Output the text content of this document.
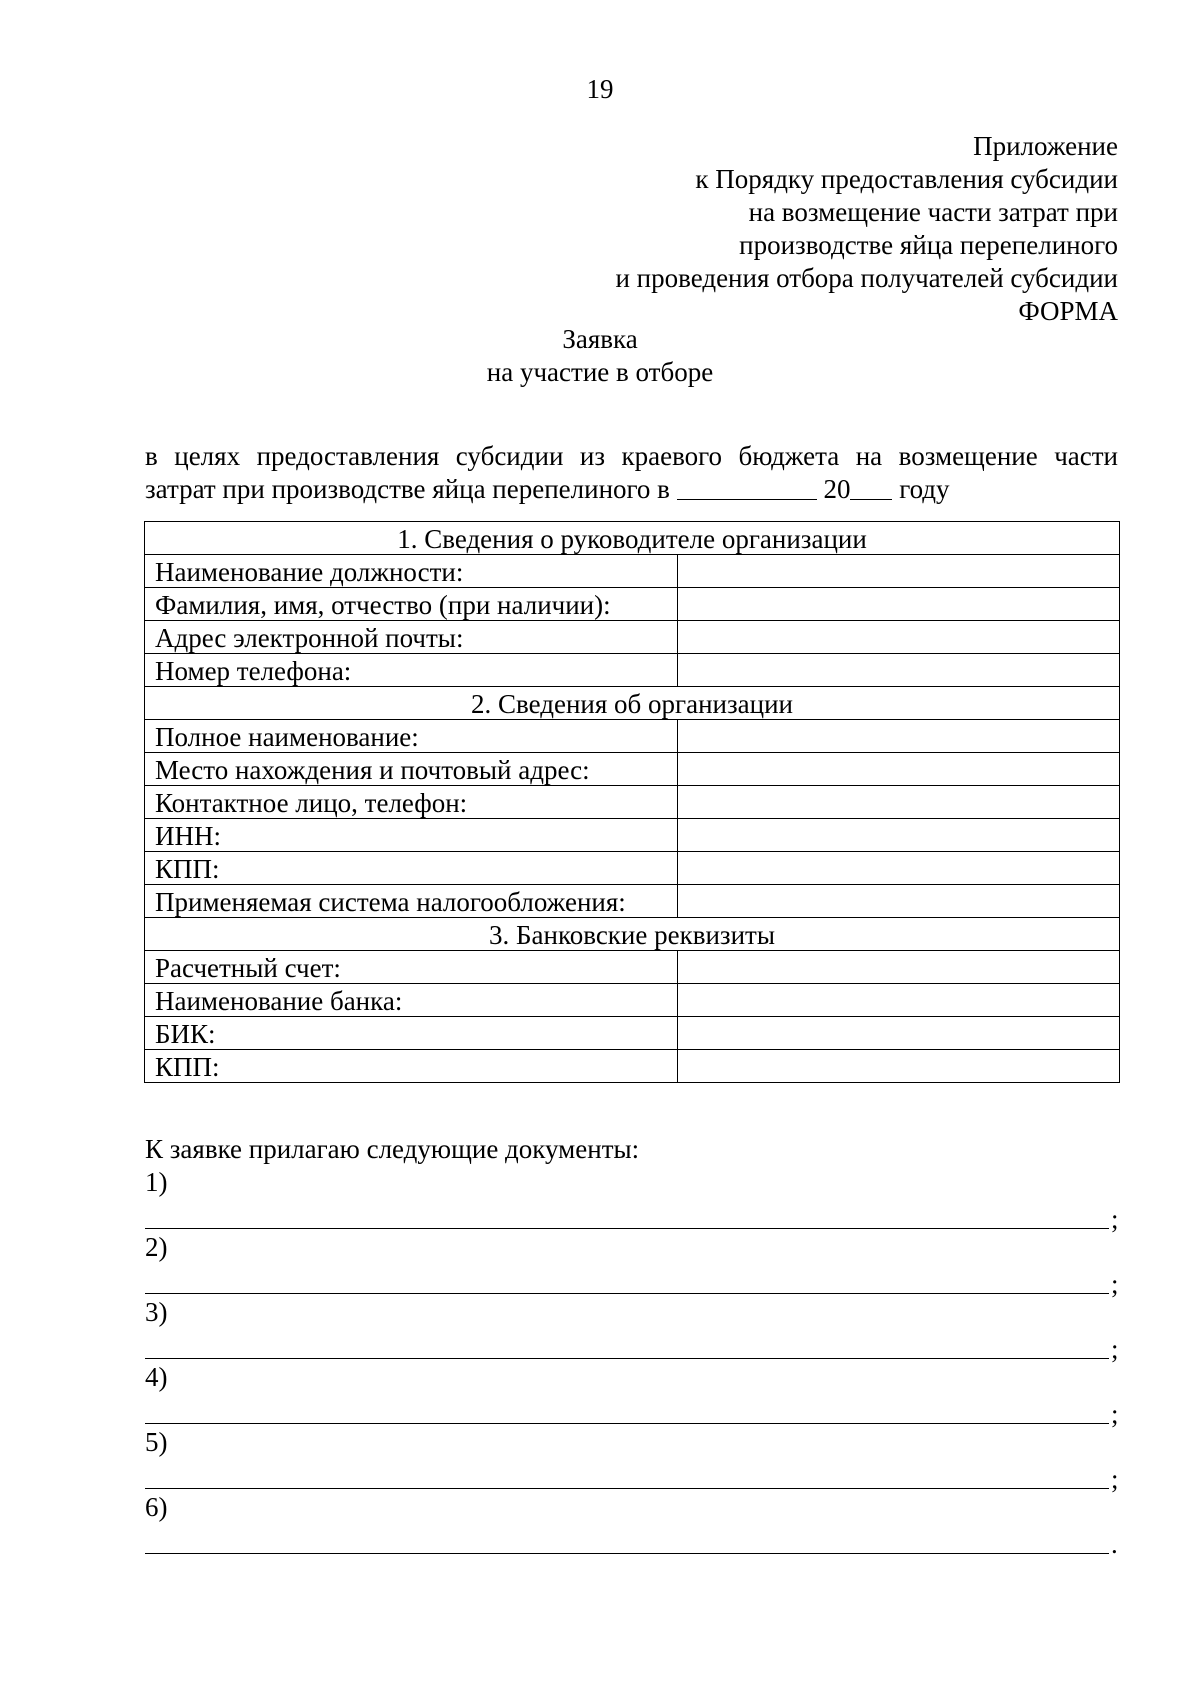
19
Приложение
к Порядку предоставления субсидии
на возмещение части затрат при
производстве яйца перепелиного
и проведения отбора получателей субсидии
ФОРМА
Заявка
на участие в отборе
в целях предоставления субсидии из краевого бюджета на возмещение части
затрат при производстве яйца перепелиного в	20 году
1. Сведения о руководителе организации	
Наименование должности:	
Фамилия, имя, отчество (при наличии):	
Адрес электронной почты:	
Номер телефона:	
2. Сведения об организации	
Полное наименование:	
Место нахождения и почтовый адрес:	
Контактное лицо, телефон:	
ИНН:	
КПП:	
Применяемая система налогообложения:	
3. Банковские реквизиты	
Расчетный счет:	
Наименование банка:	
БИК:	
КПП:	
К заявке прилагаю следующие документы:
1)
;
2)
;
3)
;
4)
;
5)
;
6)
.
